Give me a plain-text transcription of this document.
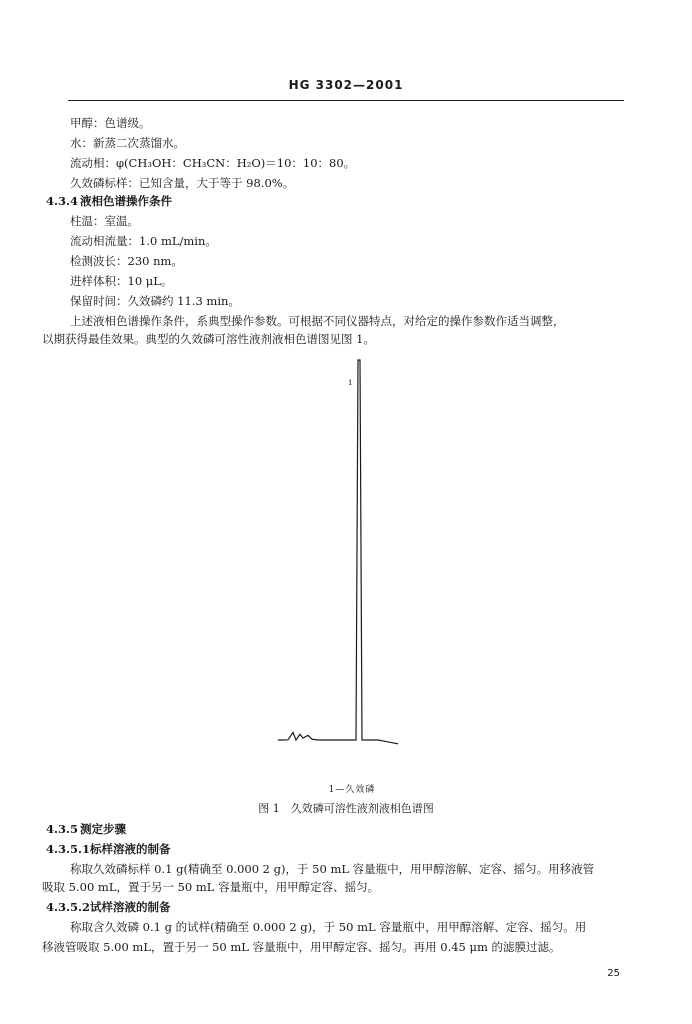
HG 3302—2001
甲醇：色谱级。
水：新蒸二次蒸馏水。
流动相：φ(CH₃OH：CH₃CN：H₂O)＝10：10：80。
久效磷标样：已知含量，大于等于 98.0%。
4.3.4 液相色谱操作条件
柱温：室温。
流动相流量：1.0 mL/min。
检测波长：230 nm。
进样体积：10 μL。
保留时间：久效磷约 11.3 min。
上述液相色谱操作条件，系典型操作参数。可根据不同仪器特点，对给定的操作参数作适当调整，
以期获得最佳效果。典型的久效磷可溶性液剂液相色谱图见图 1。
1
1—久效磷
图 1　久效磷可溶性液剂液相色谱图
4.3.5 测定步骤
4.3.5.1 标样溶液的制备
称取久效磷标样 0.1 g(精确至 0.000 2 g)，于 50 mL 容量瓶中，用甲醇溶解、定容、摇匀。用移液管
吸取 5.00 mL，置于另一 50 mL 容量瓶中，用甲醇定容、摇匀。
4.3.5.2 试样溶液的制备
称取含久效磷 0.1 g 的试样(精确至 0.000 2 g)，于 50 mL 容量瓶中，用甲醇溶解、定容、摇匀。用
移液管吸取 5.00 mL，置于另一 50 mL 容量瓶中，用甲醇定容、摇匀。再用 0.45 μm 的滤膜过滤。
25
